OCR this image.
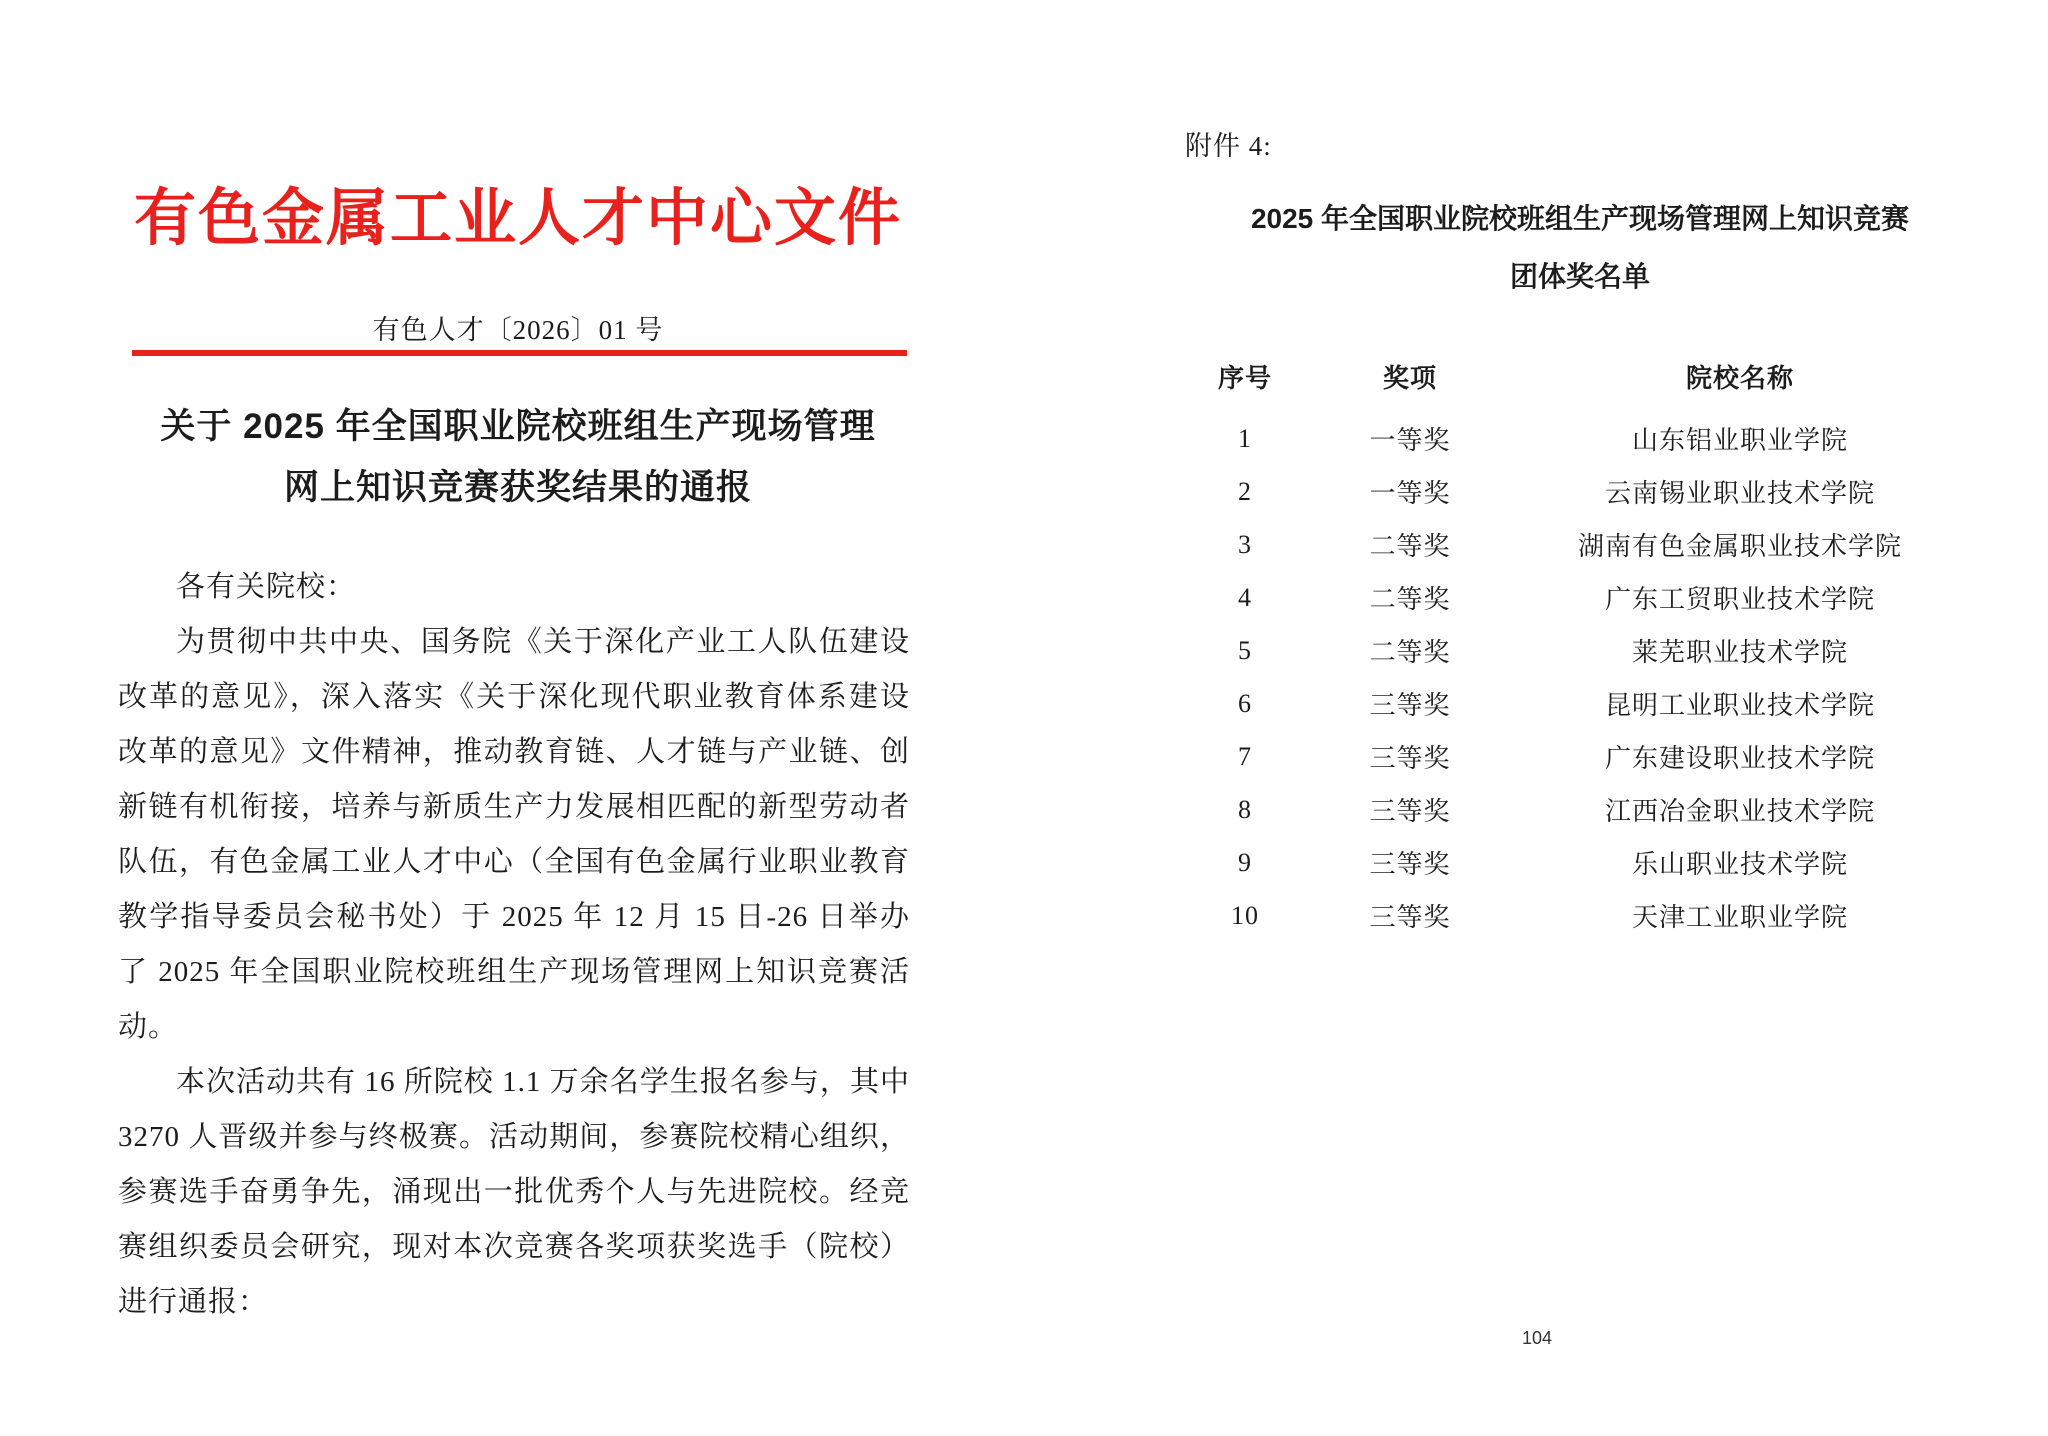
有色金属工业人才中心文件
有色人才〔2026〕01 号
关于 2025 年全国职业院校班组生产现场管理
网上知识竞赛获奖结果的通报

各有关院校：

为贯彻中共中央、国务院《关于深化产业工人队伍建设改革的意见》，深入落实《关于深化现代职业教育体系建设改革的意见》文件精神，推动教育链、人才链与产业链、创新链有机衔接，培养与新质生产力发展相匹配的新型劳动者队伍，有色金属工业人才中心（全国有色金属行业职业教育教学指导委员会秘书处）于 2025 年 12 月 15 日-26 日举办了 2025 年全国职业院校班组生产现场管理网上知识竞赛活动。

本次活动共有 16 所院校 1.1 万余名学生报名参与，其中 3270 人晋级并参与终极赛。活动期间，参赛院校精心组织，参赛选手奋勇争先，涌现出一批优秀个人与先进院校。经竞赛组织委员会研究，现对本次竞赛各奖项获奖选手（院校）进行通报：

附件 4:
2025 年全国职业院校班组生产现场管理网上知识竞赛
团体奖名单
序号	奖项	院校名称
1	一等奖	山东铝业职业学院
2	一等奖	云南锡业职业技术学院
3	二等奖	湖南有色金属职业技术学院
4	二等奖	广东工贸职业技术学院
5	二等奖	莱芜职业技术学院
6	三等奖	昆明工业职业技术学院
7	三等奖	广东建设职业技术学院
8	三等奖	江西冶金职业技术学院
9	三等奖	乐山职业技术学院
10	三等奖	天津工业职业学院
104
